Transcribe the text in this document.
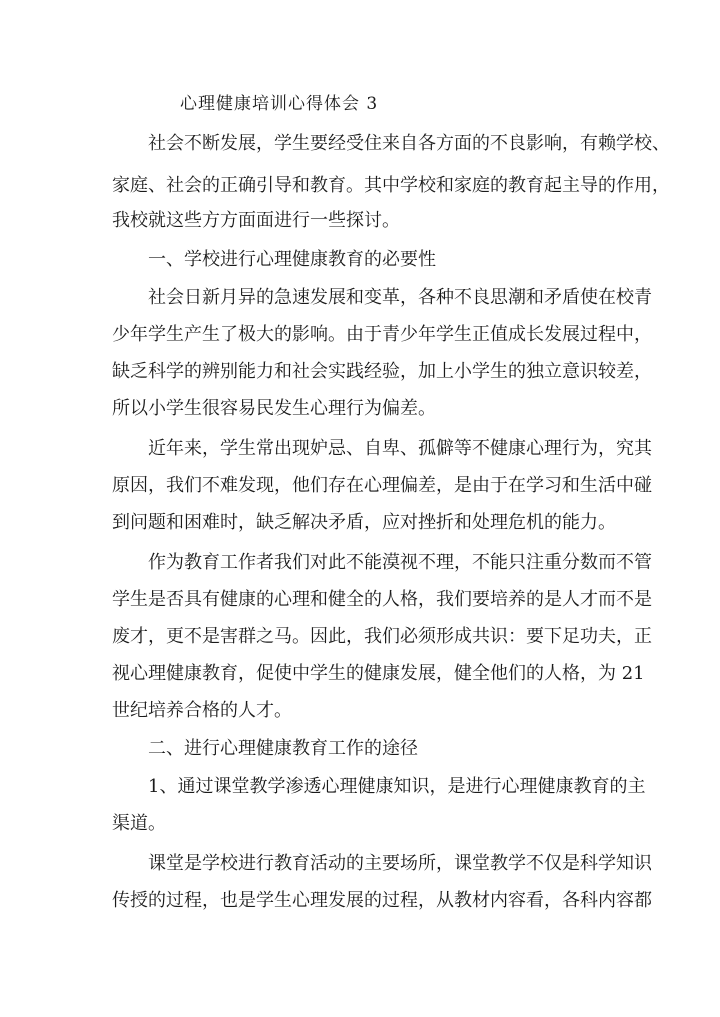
心理健康培训心得体会 3
社会不断发展，学生要经受住来自各方面的不良影响，有赖学校、
家庭、社会的正确引导和教育。其中学校和家庭的教育起主导的作用，
我校就这些方方面面进行一些探讨。
一、学校进行心理健康教育的必要性
社会日新月异的急速发展和变革，各种不良思潮和矛盾使在校青
少年学生产生了极大的影响。由于青少年学生正值成长发展过程中，
缺乏科学的辨别能力和社会实践经验，加上小学生的独立意识较差，
所以小学生很容易民发生心理行为偏差。
近年来，学生常出现妒忌、自卑、孤僻等不健康心理行为，究其
原因，我们不难发现，他们存在心理偏差，是由于在学习和生活中碰
到问题和困难时，缺乏解决矛盾，应对挫折和处理危机的能力。
作为教育工作者我们对此不能漠视不理，不能只注重分数而不管
学生是否具有健康的心理和健全的人格，我们要培养的是人才而不是
废才，更不是害群之马。因此，我们必须形成共识：要下足功夫，正
视心理健康教育，促使中学生的健康发展，健全他们的人格，为 21
世纪培养合格的人才。
二、进行心理健康教育工作的途径
1、通过课堂教学渗透心理健康知识，是进行心理健康教育的主
渠道。
课堂是学校进行教育活动的主要场所，课堂教学不仅是科学知识
传授的过程，也是学生心理发展的过程，从教材内容看，各科内容都
